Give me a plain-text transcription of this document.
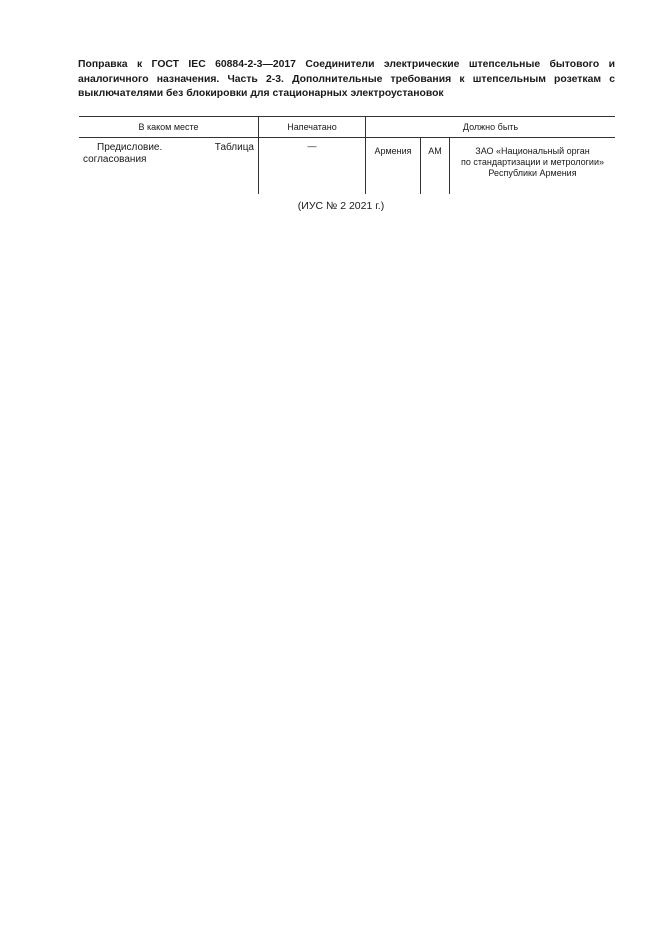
Поправка к ГОСТ IEC 60884-2-3—2017 Соединители электрические штепсельные бытового и аналогичного назначения. Часть 2-3. Дополнительные требования к штепсельным розеткам с выключателями без блокировки для стационарных электроустановок

В каком месте	Напечатано	Должно быть		
Предисловие. Таблица согласования	—	Армения	AM	ЗАО «Национальный орган
по стандартизации и метрологии»
Республики Армения

(ИУС № 2 2021 г.)
